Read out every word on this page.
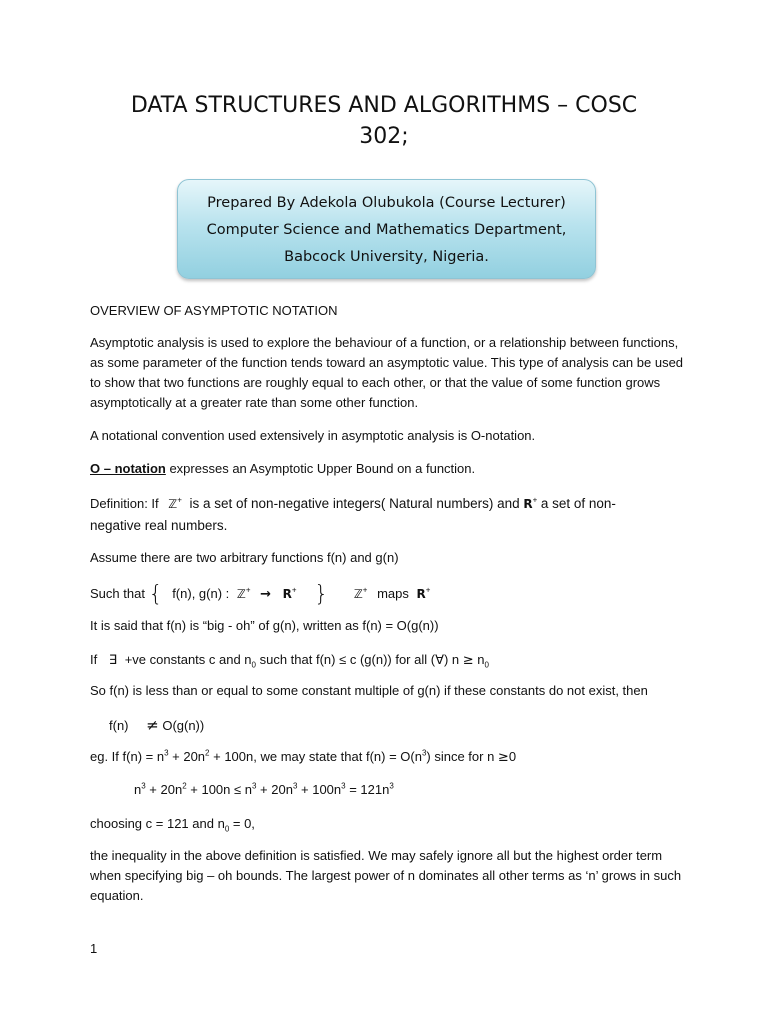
DATA STRUCTURES AND ALGORITHMS – COSC
302;
Prepared By Adekola Olubukola (Course Lecturer)
Computer Science and Mathematics Department,
Babcock University, Nigeria.

OVERVIEW OF ASYMPTOTIC NOTATION

Asymptotic analysis is used to explore the behaviour of a function, or a relationship between functions, as some parameter of the function tends toward an asymptotic value. This type of analysis can be used to show that two functions are roughly equal to each other, or that the value of some function grows asymptotically at a greater rate than some other function.

A notational convention used extensively in asymptotic analysis is O-notation.

O – notation expresses an Asymptotic Upper Bound on a function.

Definition: If ℤ+ is a set of non-negative integers( Natural numbers) and R+ a set of non-
negative real numbers.

Assume there are two arbitrary functions f(n) and g(n)

Such that { f(n), g(n) : ℤ+ → R+ } ℤ+ maps R+

It is said that f(n) is “big - oh” of g(n), written as f(n) = O(g(n))

If ∃ +ve constants c and $n_0$ such that f(n) ≤ c (g(n)) for all (∀) $n \ge n_0$

So f(n) is less than or equal to some constant multiple of g(n) if these constants do not exist, then

f(n) ≠ O(g(n))

eg. If $f(n) = n^3 + 20n^2 + 100n$, we may state that $f(n) = O(n^3)$ since for n ≥0

$n^3 + 20n^2 + 100n \le n^3 + 20n^3 + 100n^3 = 121n^3$

choosing c = 121 and $n_0 = 0$,

the inequality in the above definition is satisfied. We may safely ignore all but the highest order term when specifying big – oh bounds. The largest power of n dominates all other terms as ‘n’ grows in such equation.

1
